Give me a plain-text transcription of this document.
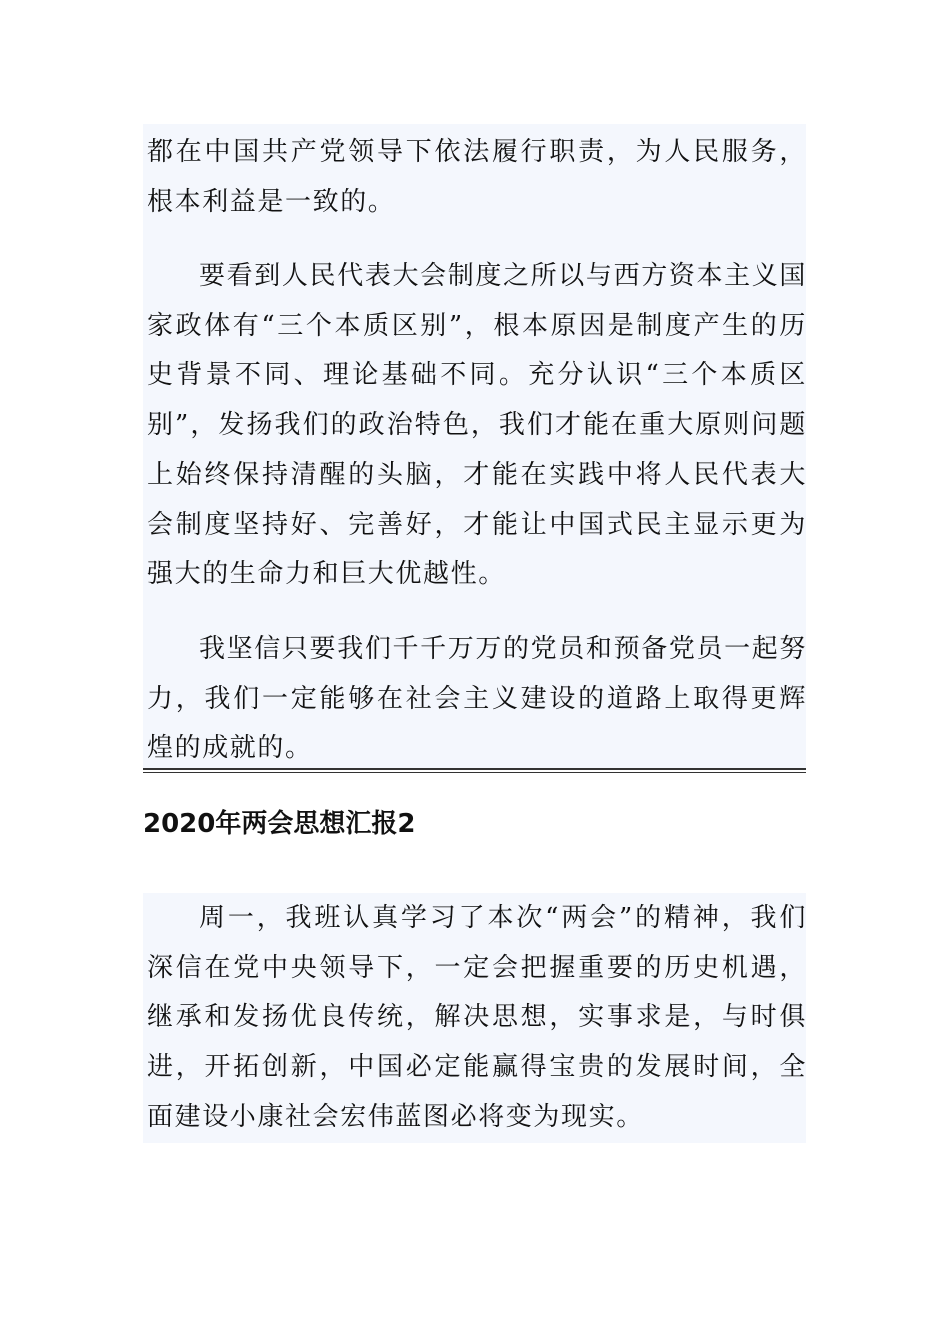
都在中国共产党领导下依法履行职责，为人民服务，根本利益是一致的。

要看到人民代表大会制度之所以与西方资本主义国家政体有“三个本质区别”，根本原因是制度产生的历史背景不同、理论基础不同。充分认识“三个本质区别”，发扬我们的政治特色，我们才能在重大原则问题上始终保持清醒的头脑，才能在实践中将人民代表大会制度坚持好、完善好，才能让中国式民主显示更为强大的生命力和巨大优越性。

我坚信只要我们千千万万的党员和预备党员一起努力，我们一定能够在社会主义建设的道路上取得更辉煌的成就的。

2020年两会思想汇报2

周一，我班认真学习了本次“两会”的精神，我们深信在党中央领导下，一定会把握重要的历史机遇，继承和发扬优良传统，解决思想，实事求是，与时俱进，开拓创新，中国必定能赢得宝贵的发展时间，全面建设小康社会宏伟蓝图必将变为现实。
